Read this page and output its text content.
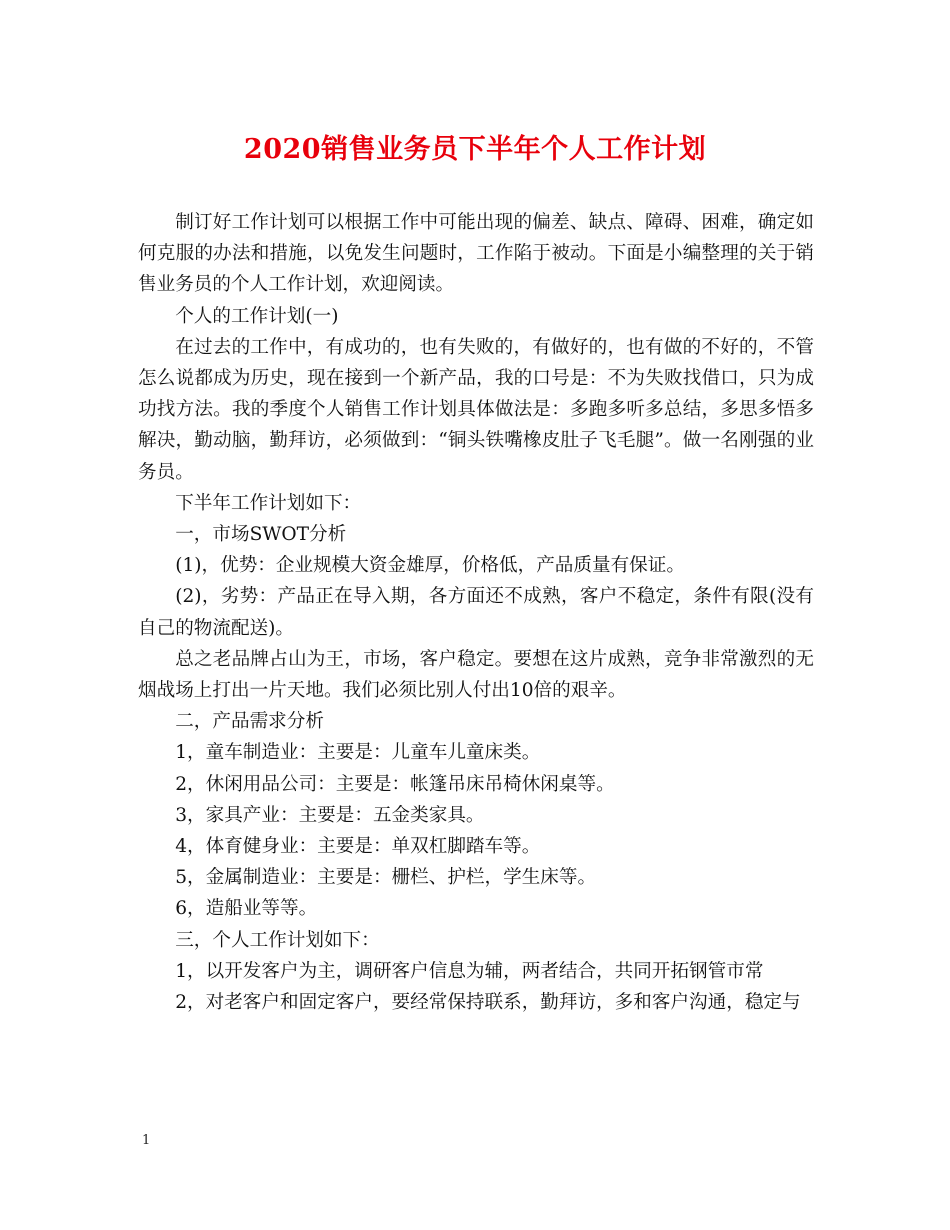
2020销售业务员下半年个人工作计划

制订好工作计划可以根据工作中可能出现的偏差、缺点、障碍、困难，确定如何克服的办法和措施，以免发生问题时，工作陷于被动。下面是小编整理的关于销售业务员的个人工作计划，欢迎阅读。

个人的工作计划(一)

在过去的工作中，有成功的，也有失败的，有做好的，也有做的不好的，不管怎么说都成为历史，现在接到一个新产品，我的口号是：不为失败找借口，只为成功找方法。我的季度个人销售工作计划具体做法是：多跑多听多总结，多思多悟多解决，勤动脑，勤拜访，必须做到：“铜头铁嘴橡皮肚子飞毛腿”。做一名刚强的业务员。

下半年工作计划如下：

一，市场SWOT分析

(1)，优势：企业规模大资金雄厚，价格低，产品质量有保证。

(2)，劣势：产品正在导入期，各方面还不成熟，客户不稳定，条件有限(没有自己的物流配送)。

总之老品牌占山为王，市场，客户稳定。要想在这片成熟，竞争非常激烈的无烟战场上打出一片天地。我们必须比别人付出10倍的艰辛。

二，产品需求分析

1，童车制造业：主要是：儿童车儿童床类。

2，休闲用品公司：主要是：帐篷吊床吊椅休闲桌等。

3，家具产业：主要是：五金类家具。

4，体育健身业：主要是：单双杠脚踏车等。

5，金属制造业：主要是：栅栏、护栏，学生床等。

6，造船业等等。

三，个人工作计划如下：

1，以开发客户为主，调研客户信息为辅，两者结合，共同开拓钢管市常

2，对老客户和固定客户，要经常保持联系，勤拜访，多和客户沟通，稳定与

1
